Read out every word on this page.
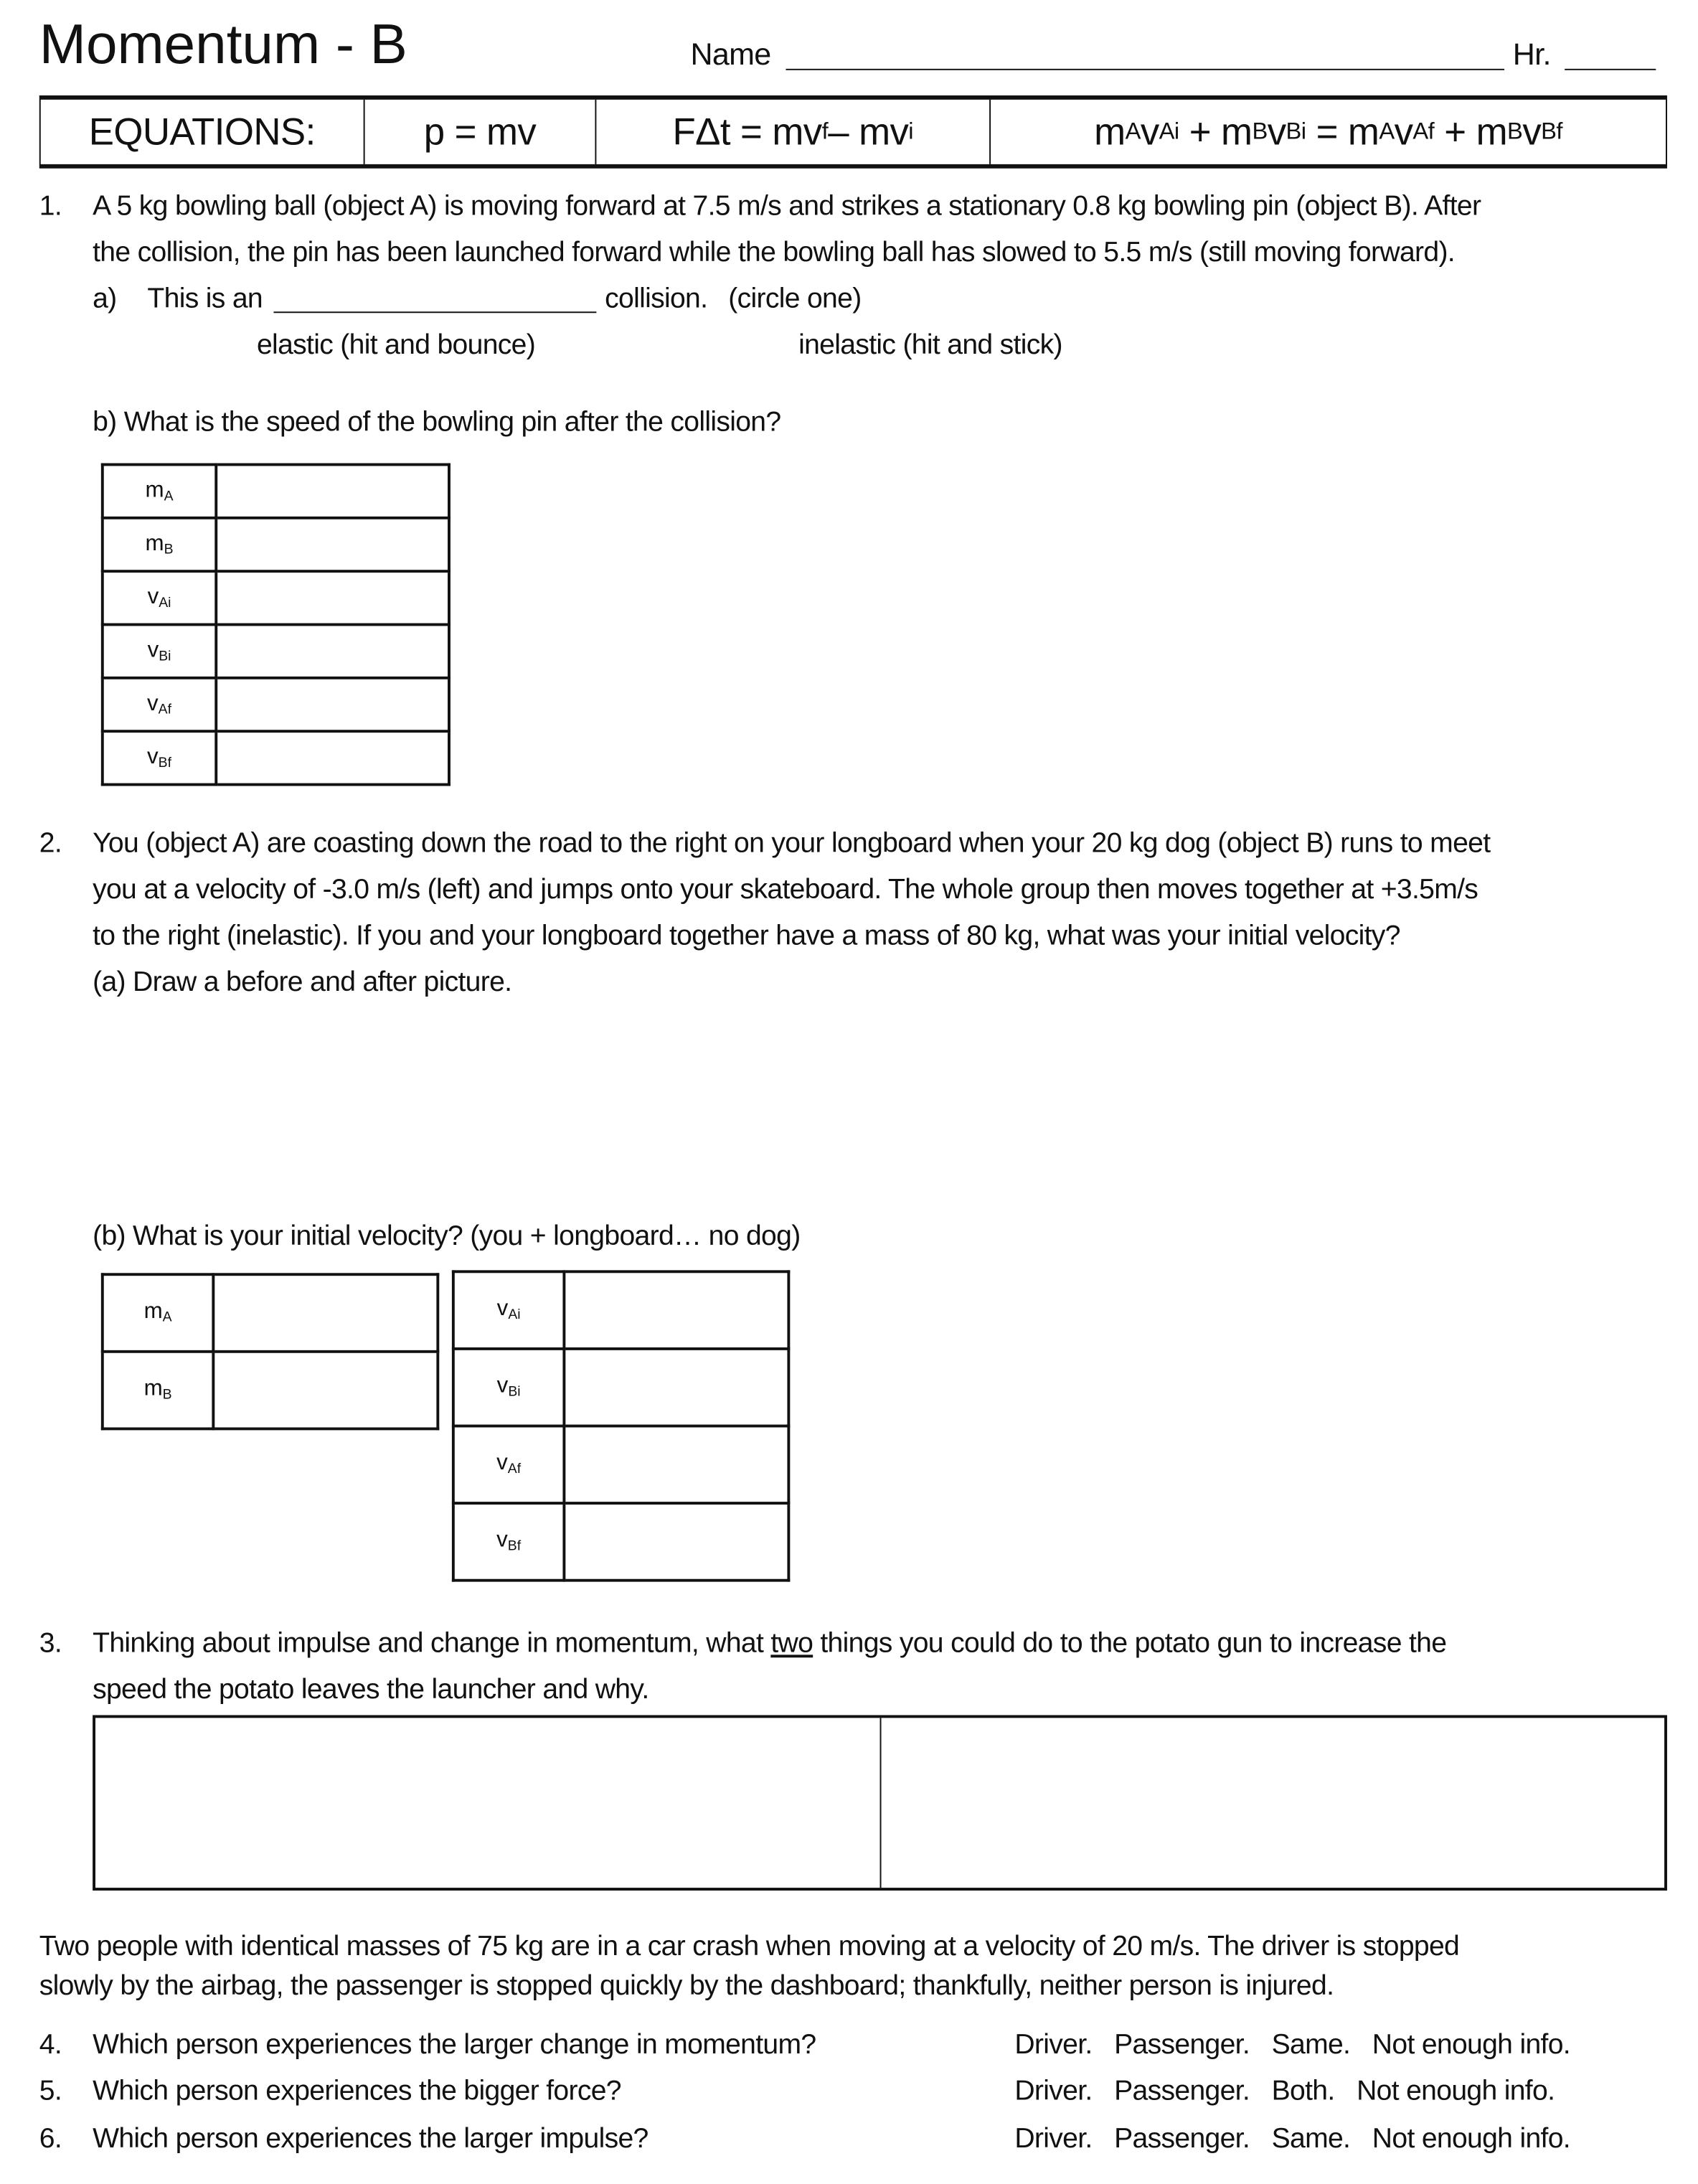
Momentum - B	Name	Hr.
EQUATIONS:	p = mv	FΔt = mv f – mv i	m A v Ai + m B v Bi = m A v Af + m B v Bf
1. A 5 kg bowling ball (object A) is moving forward at 7.5 m/s and strikes a stationary 0.8 kg bowling pin (object B). After
the collision, the pin has been launched forward while the bowling ball has slowed to 5.5 m/s (still moving forward).
a) This is an	collision. (circle one)
elastic (hit and bounce)	inelastic (hit and stick)
b) What is the speed of the bowling pin after the collision?
$m_A$	
$m_B$	
$v_{Ai}$	
$v_{Bi}$	
$v_{Af}$	
$v_{Bf}$	
2. You (object A) are coasting down the road to the right on your longboard when your 20 kg dog (object B) runs to meet
you at a velocity of -3.0 m/s (left) and jumps onto your skateboard. The whole group then moves together at +3.5m/s
to the right (inelastic). If you and your longboard together have a mass of 80 kg, what was your initial velocity?
(a) Draw a before and after picture.
(b) What is your initial velocity? (you + longboard… no dog)
$m_A$	
$m_B$	
$v_{Ai}$	
$v_{Bi}$	
$v_{Af}$	
$v_{Bf}$	
3. Thinking about impulse and change in momentum, what two things you could do to the potato gun to increase the
speed the potato leaves the launcher and why.
Two people with identical masses of 75 kg are in a car crash when moving at a velocity of 20 m/s. The driver is stopped
slowly by the airbag, the passenger is stopped quickly by the dashboard; thankfully, neither person is injured.
4. Which person experiences the larger change in momentum?	Driver.   Passenger.   Same.   Not enough info.
5. Which person experiences the bigger force?	Driver.   Passenger.   Both.   Not enough info.
6. Which person experiences the larger impulse?	Driver.   Passenger.   Same.   Not enough info.
